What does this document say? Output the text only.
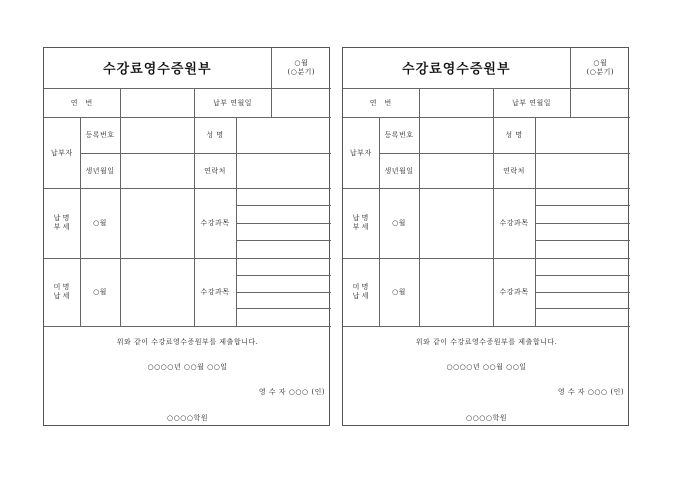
수강료영수증원부	○월
(○분기)

연　번		납부 연월일	
납부자	등록번호		성 명	
생년월일		연락처	
납부명세	○월		수강과목	

미납명세	○월		수강과목	

위와 같이 수강료영수증원부를 제출합니다.
○○○○년 ○○월 ○○일
영 수 자 ○○○ (인)
○○○○학원
수강료영수증원부	○월
(○분기)

연　번		납부 연월일	
납부자	등록번호		성 명	
생년월일		연락처	
납부명세	○월		수강과목	

미납명세	○월		수강과목	

위와 같이 수강료영수증원부를 제출합니다.
○○○○년 ○○월 ○○일
영 수 자 ○○○ (인)
○○○○학원
